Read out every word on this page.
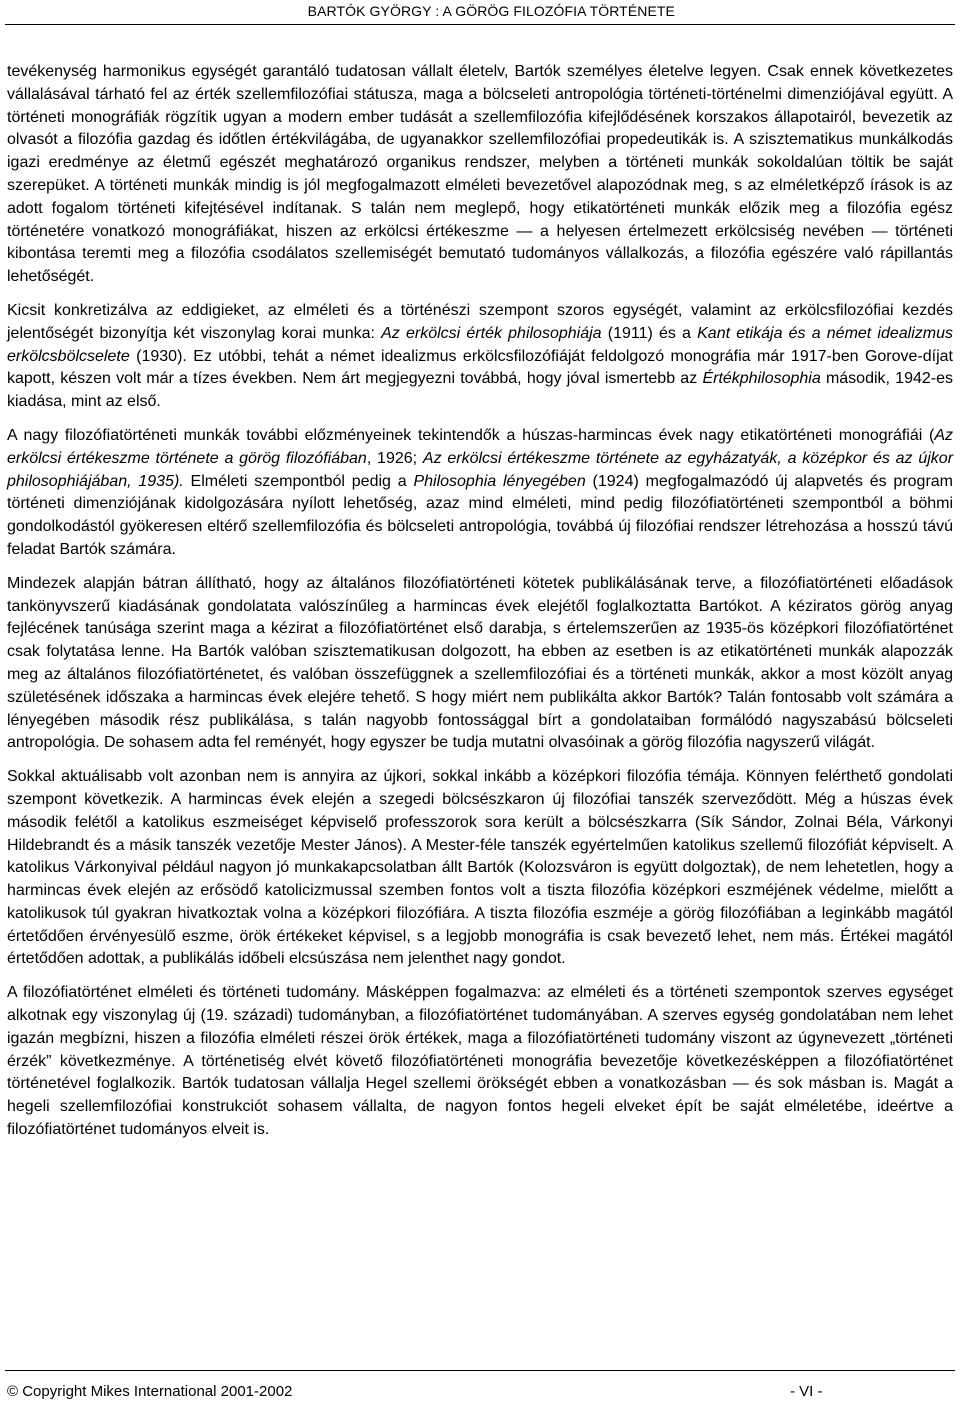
BARTÓK GYÖRGY : A GÖRÖG FILOZÓFIA TÖRTÉNETE

tevékenység harmonikus egységét garantáló tudatosan vállalt életelv, Bartók személyes életelve legyen. Csak ennek következetes vállalásával tárható fel az érték szellemfilozófiai státusza, maga a bölcseleti antropológia történeti-történelmi dimenziójával együtt. A történeti monográfiák rögzítik ugyan a modern ember tudását a szellemfilozófia kifejlődésének korszakos állapotairól, bevezetik az olvasót a filozófia gazdag és időtlen értékvilágába, de ugyanakkor szellemfilozófiai propedeutikák is. A szisztematikus munkálkodás igazi eredménye az életmű egészét meghatározó organikus rendszer, melyben a történeti munkák sokoldalúan töltik be saját szerepüket. A történeti munkák mindig is jól megfogalmazott elméleti bevezetővel alapozódnak meg, s az elméletképző írások is az adott fogalom történeti kifejtésével indítanak. S talán nem meglepő, hogy etikatörténeti munkák előzik meg a filozófia egész történetére vonatkozó monográfiákat, hiszen az erkölcsi értékeszme — a helyesen értelmezett erkölcsiség nevében — történeti kibontása teremti meg a filozófia csodálatos szellemiségét bemutató tudományos vállalkozás, a filozófia egészére való rápillantás lehetőségét.

Kicsit konkretizálva az eddigieket, az elméleti és a történészi szempont szoros egységét, valamint az erkölcsfilozófiai kezdés jelentőségét bizonyítja két viszonylag korai munka: Az erkölcsi érték philosophiája (1911) és a Kant etikája és a német idealizmus erkölcsbölcselete (1930). Ez utóbbi, tehát a német idealizmus erkölcsfilozófiáját feldolgozó monográfia már 1917-ben Gorove-díjat kapott, készen volt már a tízes években. Nem árt megjegyezni továbbá, hogy jóval ismertebb az Értékphilosophia második, 1942-es kiadása, mint az első.

A nagy filozófiatörténeti munkák további előzményeinek tekintendők a húszas-harmincas évek nagy etikatörténeti monográfiái (Az erkölcsi értékeszme története a görög filozófiában, 1926; Az erkölcsi értékeszme története az egyházatyák, a középkor és az újkor philosophiájában, 1935). Elméleti szempontból pedig a Philosophia lényegében (1924) megfogalmazódó új alapvetés és program történeti dimenziójának kidolgozására nyílott lehetőség, azaz mind elméleti, mind pedig filozófiatörténeti szempontból a böhmi gondolkodástól gyökeresen eltérő szellemfilozófia és bölcseleti antropológia, továbbá új filozófiai rendszer létrehozása a hosszú távú feladat Bartók számára.

Mindezek alapján bátran állítható, hogy az általános filozófiatörténeti kötetek publikálásának terve, a filozófiatörténeti előadások tankönyvszerű kiadásának gondolatata valószínűleg a harmincas évek elejétől foglalkoztatta Bartókot. A kéziratos görög anyag fejlécének tanúsága szerint maga a kézirat a filozófiatörténet első darabja, s értelemszerűen az 1935-ös középkori filozófiatörténet csak folytatása lenne. Ha Bartók valóban szisztematikusan dolgozott, ha ebben az esetben is az etikatörténeti munkák alapozzák meg az általános filozófiatörténetet, és valóban összefüggnek a szellemfilozófiai és a történeti munkák, akkor a most közölt anyag születésének időszaka a harmincas évek elejére tehető. S hogy miért nem publikálta akkor Bartók? Talán fontosabb volt számára a lényegében második rész publikálása, s talán nagyobb fontossággal bírt a gondolataiban formálódó nagyszabású bölcseleti antropológia. De sohasem adta fel reményét, hogy egyszer be tudja mutatni olvasóinak a görög filozófia nagyszerű világát.

Sokkal aktuálisabb volt azonban nem is annyira az újkori, sokkal inkább a középkori filozófia témája. Könnyen felérthető gondolati szempont következik. A harmincas évek elején a szegedi bölcsészkaron új filozófiai tanszék szerveződött. Még a húszas évek második felétől a katolikus eszmeiséget képviselő professzorok sora került a bölcsészkarra (Sík Sándor, Zolnai Béla, Várkonyi Hildebrandt és a másik tanszék vezetője Mester János). A Mester-féle tanszék egyértelműen katolikus szellemű filozófiát képviselt. A katolikus Várkonyival például nagyon jó munkakapcsolatban állt Bartók (Kolozsváron is együtt dolgoztak), de nem lehetetlen, hogy a harmincas évek elején az erősödő katolicizmussal szemben fontos volt a tiszta filozófia középkori eszméjének védelme, mielőtt a katolikusok túl gyakran hivatkoztak volna a középkori filozófiára. A tiszta filozófia eszméje a görög filozófiában a leginkább magától értetődően érvényesülő eszme, örök értékeket képvisel, s a legjobb monográfia is csak bevezető lehet, nem más. Értékei magától értetődően adottak, a publikálás időbeli elcsúszása nem jelenthet nagy gondot.

A filozófiatörténet elméleti és történeti tudomány. Másképpen fogalmazva: az elméleti és a történeti szempontok szerves egységet alkotnak egy viszonylag új (19. századi) tudományban, a filozófiatörténet tudományában. A szerves egység gondolatában nem lehet igazán megbízni, hiszen a filozófia elméleti részei örök értékek, maga a filozófiatörténeti tudomány viszont az úgynevezett „történeti érzék” következménye. A történetiség elvét követő filozófiatörténeti monográfia bevezetője következésképpen a filozófiatörténet történetével foglalkozik. Bartók tudatosan vállalja Hegel szellemi örökségét ebben a vonatkozásban — és sok másban is. Magát a hegeli szellemfilozófiai konstrukciót sohasem vállalta, de nagyon fontos hegeli elveket épít be saját elméletébe, ideértve a filozófiatörténet tudományos elveit is.

© Copyright Mikes International 2001-2002	- VI -
